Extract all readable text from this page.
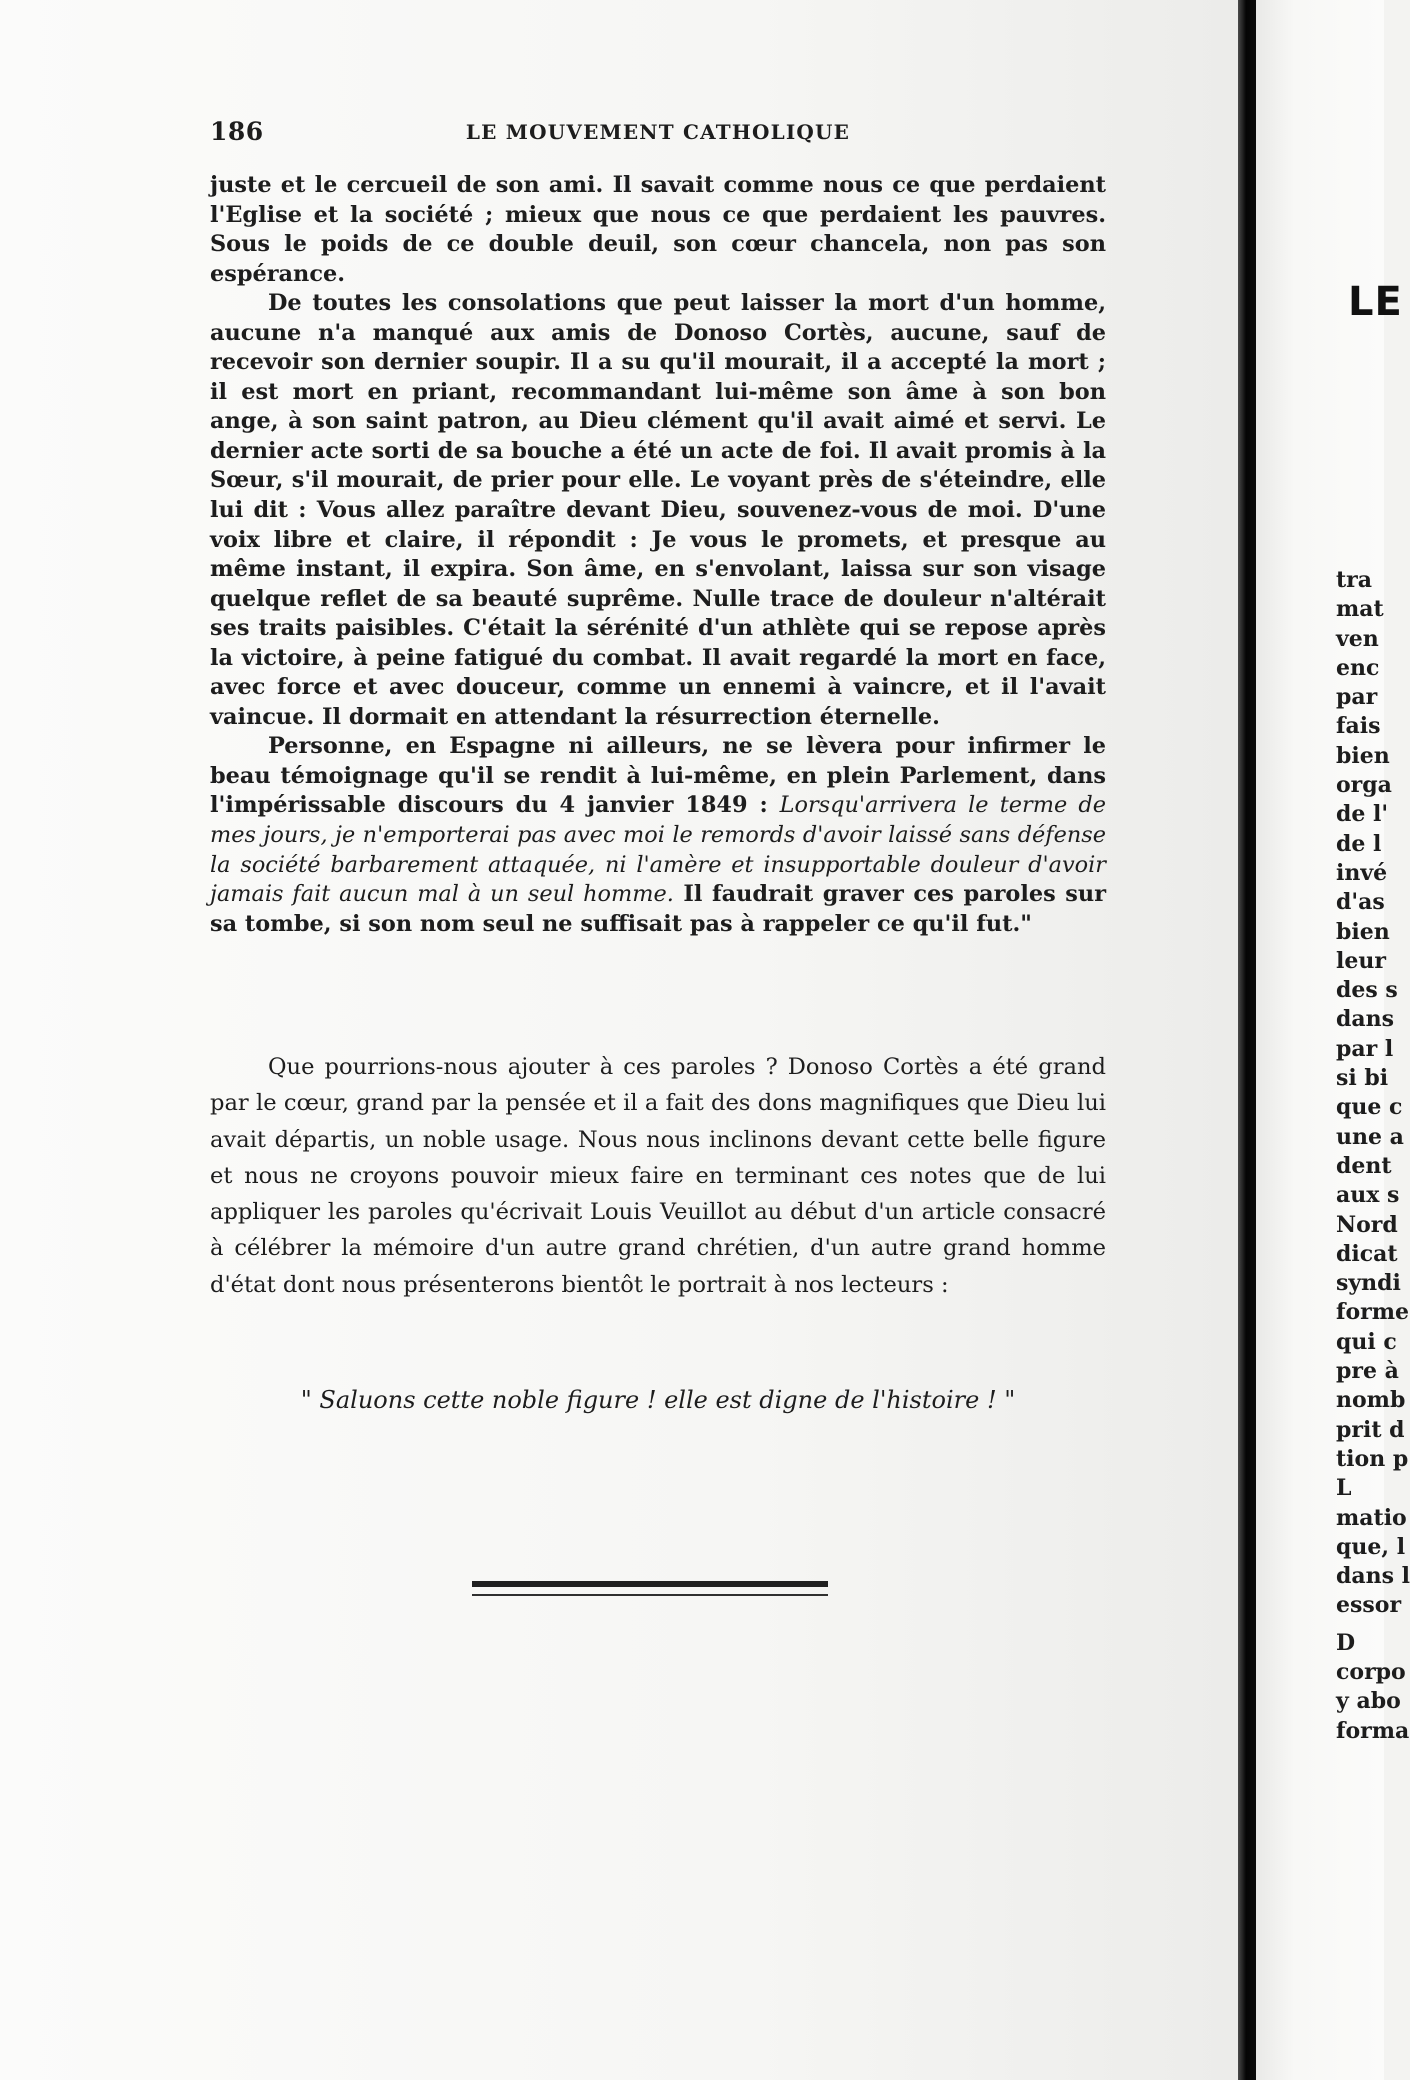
186	LE MOUVEMENT CATHOLIQUE

juste et le cercueil de son ami. Il savait comme nous ce que perdaient l'Eglise et la société ; mieux que nous ce que perdaient les pauvres. Sous le poids de ce double deuil, son cœur chancela, non pas son espérance.

De toutes les consolations que peut laisser la mort d'un homme, aucune n'a manqué aux amis de Donoso Cortès, aucune, sauf de recevoir son dernier soupir. Il a su qu'il mourait, il a accepté la mort ; il est mort en priant, recommandant lui-même son âme à son bon ange, à son saint patron, au Dieu clément qu'il avait aimé et servi. Le dernier acte sorti de sa bouche a été un acte de foi. Il avait promis à la Sœur, s'il mourait, de prier pour elle. Le voyant près de s'éteindre, elle lui dit : Vous allez paraître devant Dieu, souvenez-vous de moi. D'une voix libre et claire, il répondit : Je vous le promets, et presque au même instant, il expira. Son âme, en s'envolant, laissa sur son visage quelque reflet de sa beauté suprême. Nulle trace de douleur n'altérait ses traits paisibles. C'était la sérénité d'un athlète qui se repose après la victoire, à peine fatigué du combat. Il avait regardé la mort en face, avec force et avec douceur, comme un ennemi à vaincre, et il l'avait vaincue. Il dormait en attendant la résurrection éternelle.

Personne, en Espagne ni ailleurs, ne se lèvera pour infirmer le beau témoignage qu'il se rendit à lui-même, en plein Parlement, dans l'impérissable discours du 4 janvier 1849 : Lorsqu'arrivera le terme de mes jours, je n'emporterai pas avec moi le remords d'avoir laissé sans défense la société barbarement attaquée, ni l'amère et insupportable douleur d'avoir jamais fait aucun mal à un seul homme. Il faudrait graver ces paroles sur sa tombe, si son nom seul ne suffisait pas à rappeler ce qu'il fut."

Que pourrions-nous ajouter à ces paroles ? Donoso Cortès a été grand par le cœur, grand par la pensée et il a fait des dons magnifiques que Dieu lui avait départis, un noble usage. Nous nous inclinons devant cette belle figure et nous ne croyons pouvoir mieux faire en terminant ces notes que de lui appliquer les paroles qu'écrivait Louis Veuillot au début d'un article consacré à célébrer la mémoire d'un autre grand chrétien, d'un autre grand homme d'état dont nous présenterons bientôt le portrait à nos lecteurs :

" Saluons cette noble figure ! elle est digne de l'histoire ! "
LE
tra
mat
ven
enc
par
fais
bien
orga
de l'
de l
invé
d'as
bien
leur
des s
dans
par l
si bi
que c
une a
dent
aux s
Nord
dicat
syndi
forme
qui c
pre à
nomb
prit d
tion p
L
matio
que, l
dans l
essor
D
corpo
y abo
forma
